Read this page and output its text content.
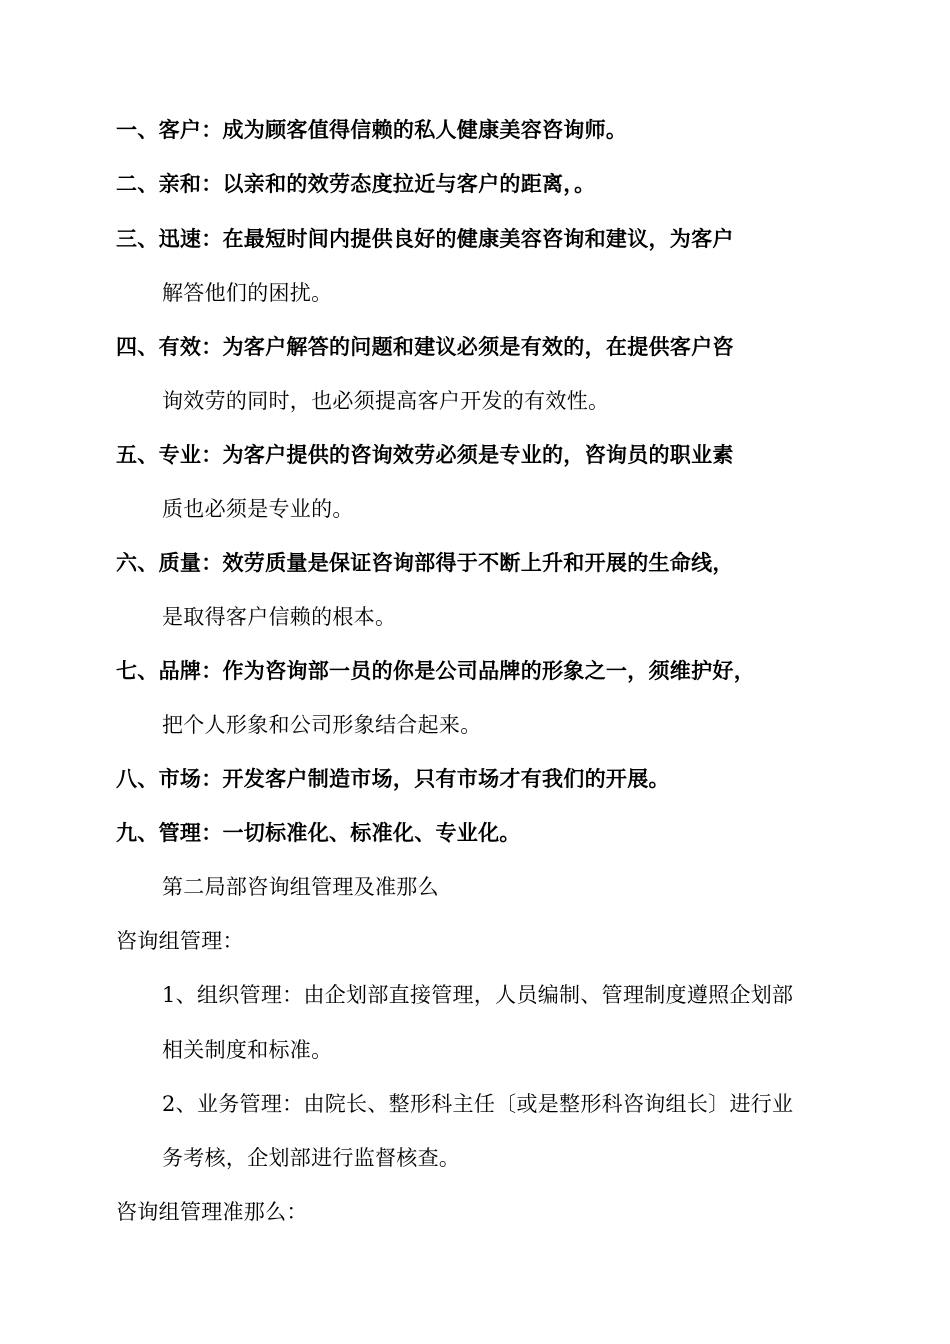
一、客户：成为顾客值得信赖的私人健康美容咨询师。
二、亲和：以亲和的效劳态度拉近与客户的距离，。
三、迅速：在最短时间内提供良好的健康美容咨询和建议，为客户
解答他们的困扰。
四、有效：为客户解答的问题和建议必须是有效的，在提供客户咨
询效劳的同时，也必须提高客户开发的有效性。
五、专业：为客户提供的咨询效劳必须是专业的，咨询员的职业素
质也必须是专业的。
六、质量：效劳质量是保证咨询部得于不断上升和开展的生命线，
是取得客户信赖的根本。
七、品牌：作为咨询部一员的你是公司品牌的形象之一，须维护好，
把个人形象和公司形象结合起来。
八、市场：开发客户制造市场，只有市场才有我们的开展。
九、管理：一切标准化、标准化、专业化。
第二局部咨询组管理及准那么
咨询组管理：
1、组织管理：由企划部直接管理，人员编制、管理制度遵照企划部
相关制度和标准。
2、业务管理：由院长、整形科主任〔或是整形科咨询组长〕进行业
务考核，企划部进行监督核查。
咨询组管理准那么：
